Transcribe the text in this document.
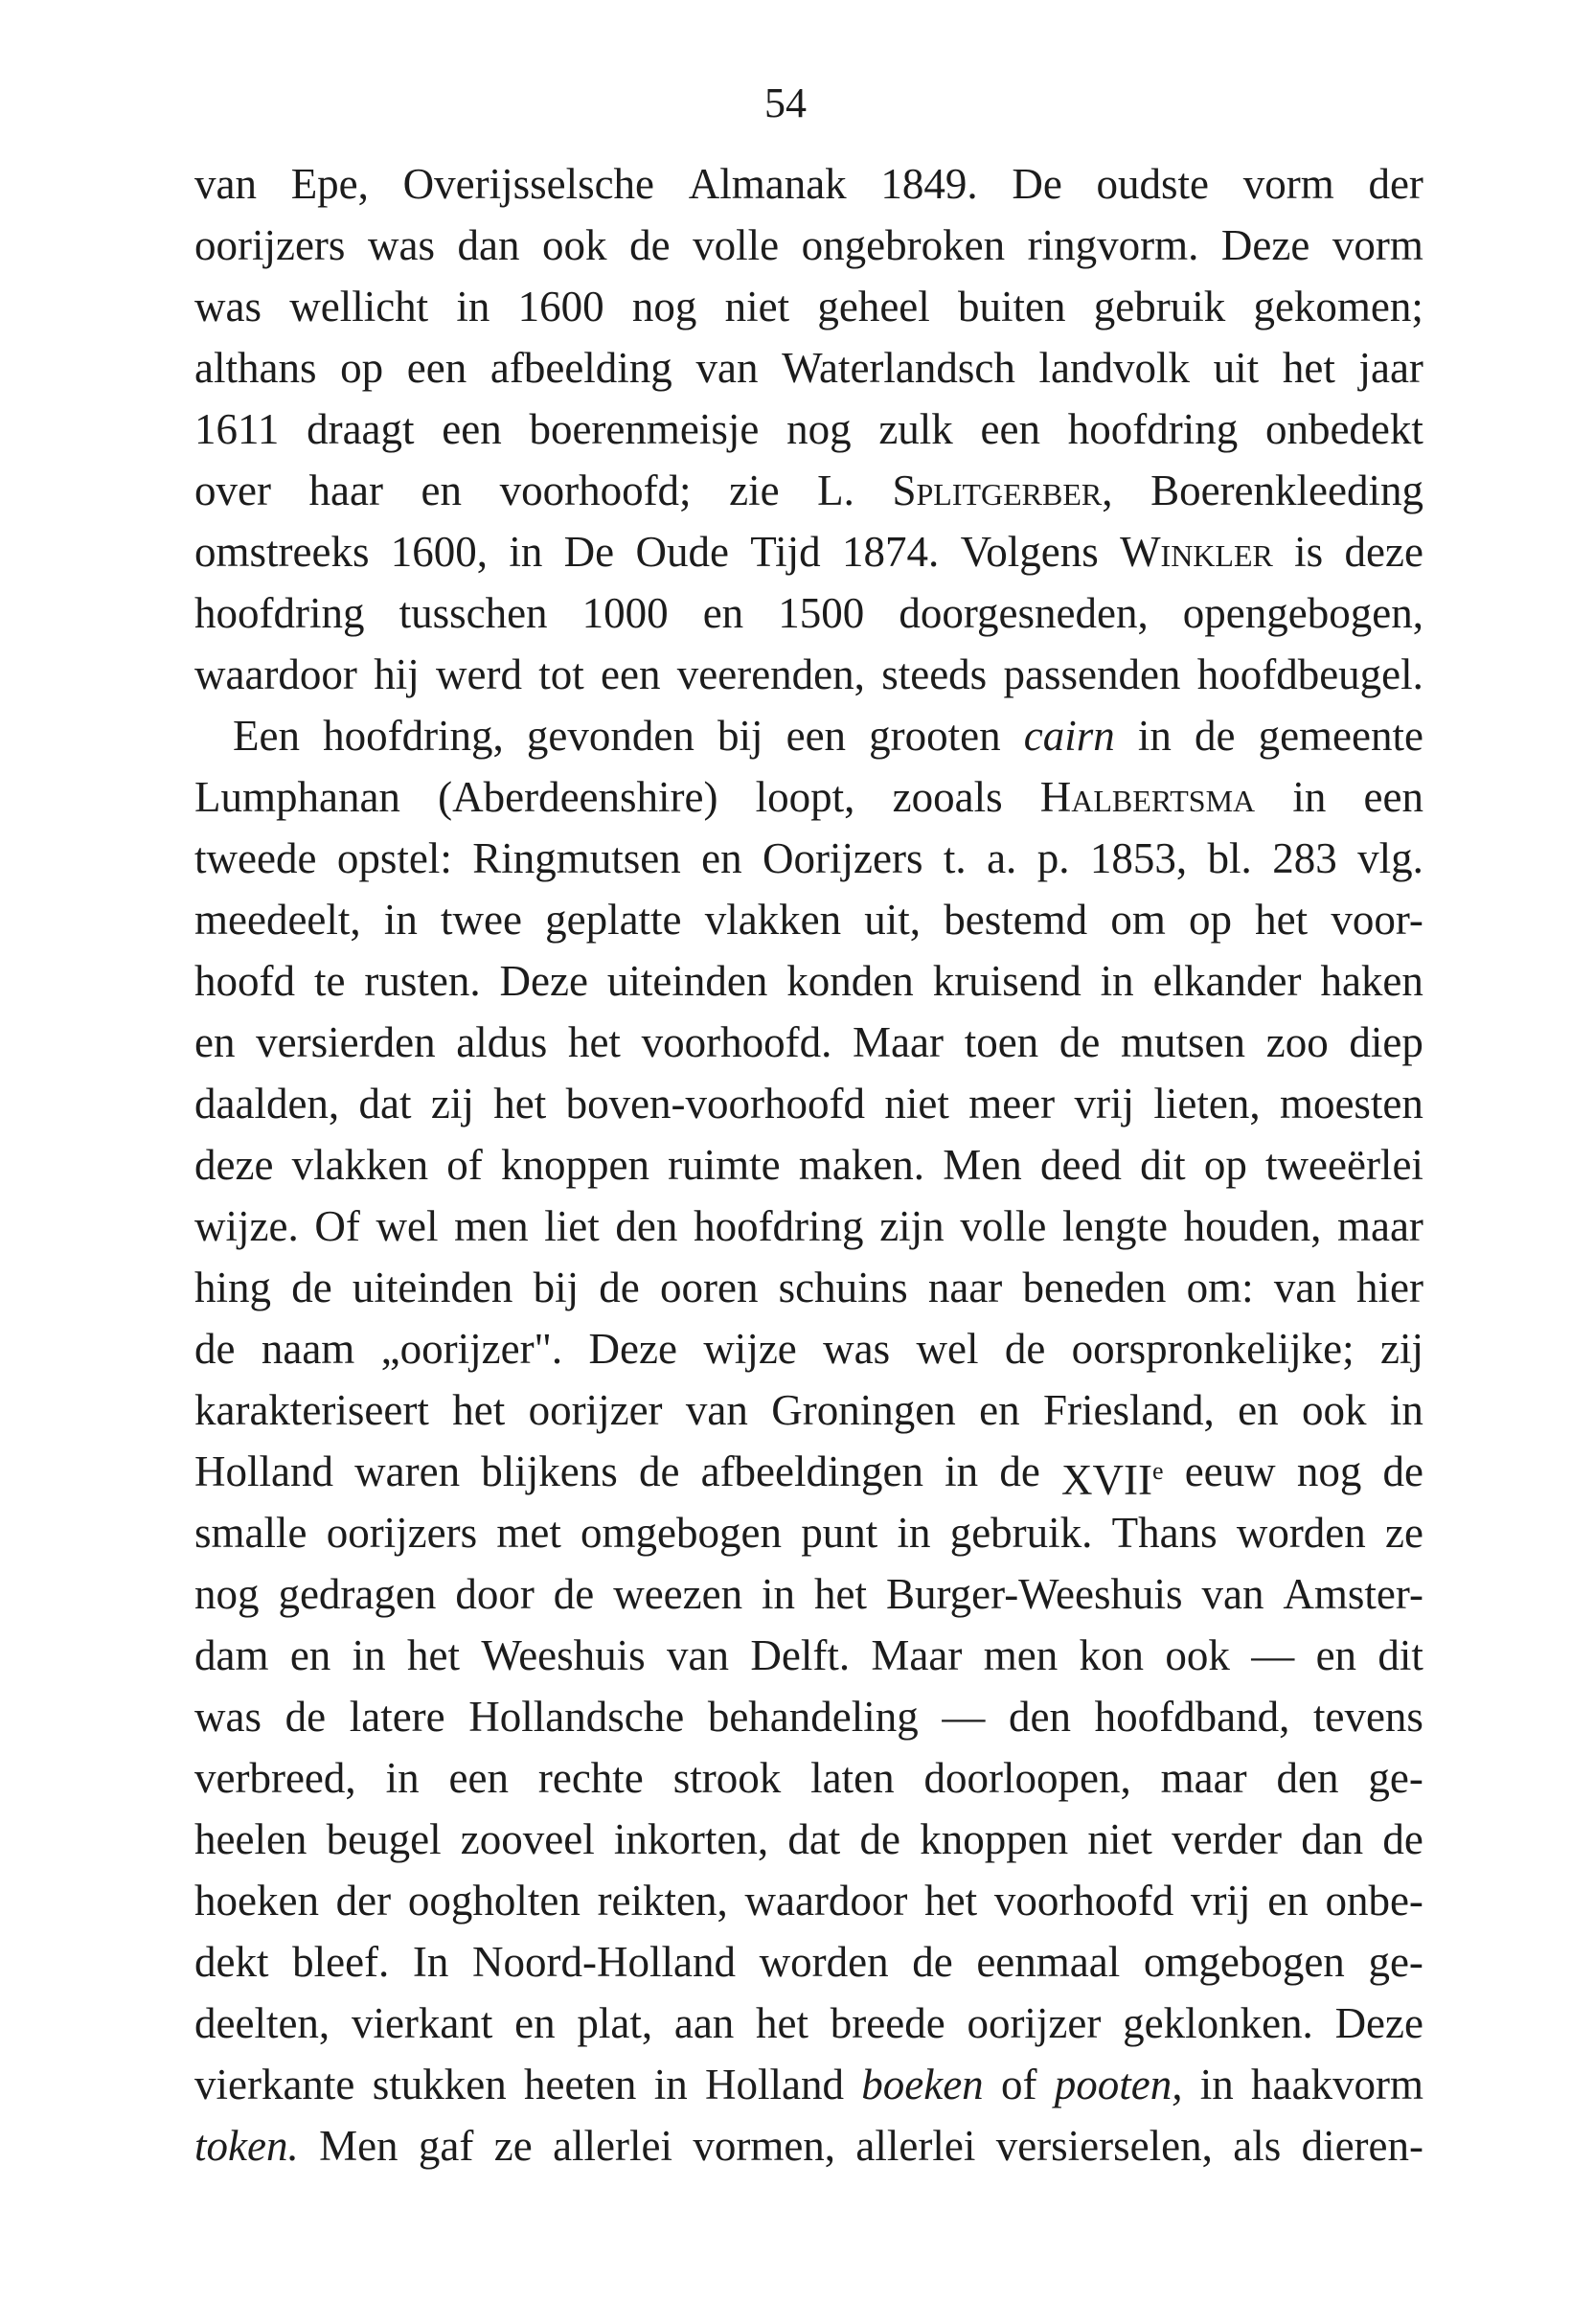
54
van Epe, Overijsselsche Almanak 1849. De oudste vorm der
oorijzers was dan ook de volle ongebroken ringvorm. Deze vorm
was wellicht in 1600 nog niet geheel buiten gebruik gekomen;
althans op een afbeelding van Waterlandsch landvolk uit het jaar
1611 draagt een boerenmeisje nog zulk een hoofdring onbedekt
over haar en voorhoofd; zie L. Splitgerber, Boerenkleeding
omstreeks 1600, in De Oude Tijd 1874. Volgens Winkler is deze
hoofdring tusschen 1000 en 1500 doorgesneden, opengebogen,
waardoor hij werd tot een veerenden, steeds passenden hoofdbeugel.
Een hoofdring, gevonden bij een grooten cairn in de gemeente
Lumphanan (Aberdeenshire) loopt, zooals Halbertsma in een
tweede opstel: Ringmutsen en Oorijzers t. a. p. 1853, bl. 283 vlg.
meedeelt, in twee geplatte vlakken uit, bestemd om op het voor-
hoofd te rusten. Deze uiteinden konden kruisend in elkander haken
en versierden aldus het voorhoofd. Maar toen de mutsen zoo diep
daalden, dat zij het boven-voorhoofd niet meer vrij lieten, moesten
deze vlakken of knoppen ruimte maken. Men deed dit op tweeërlei
wijze. Of wel men liet den hoofdring zijn volle lengte houden, maar
hing de uiteinden bij de ooren schuins naar beneden om: van hier
de naam „oorijzer". Deze wijze was wel de oorspronkelijke; zij
karakteriseert het oorijzer van Groningen en Friesland, en ook in
Holland waren blijkens de afbeeldingen in de XVIIe eeuw nog de
smalle oorijzers met omgebogen punt in gebruik. Thans worden ze
nog gedragen door de weezen in het Burger-Weeshuis van Amster-
dam en in het Weeshuis van Delft. Maar men kon ook — en dit
was de latere Hollandsche behandeling — den hoofdband, tevens
verbreed, in een rechte strook laten doorloopen, maar den ge-
heelen beugel zooveel inkorten, dat de knoppen niet verder dan de
hoeken der oogholten reikten, waardoor het voorhoofd vrij en onbe-
dekt bleef. In Noord-Holland worden de eenmaal omgebogen ge-
deelten, vierkant en plat, aan het breede oorijzer geklonken. Deze
vierkante stukken heeten in Holland boeken of pooten, in haakvorm
token. Men gaf ze allerlei vormen, allerlei versierselen, als dieren-
